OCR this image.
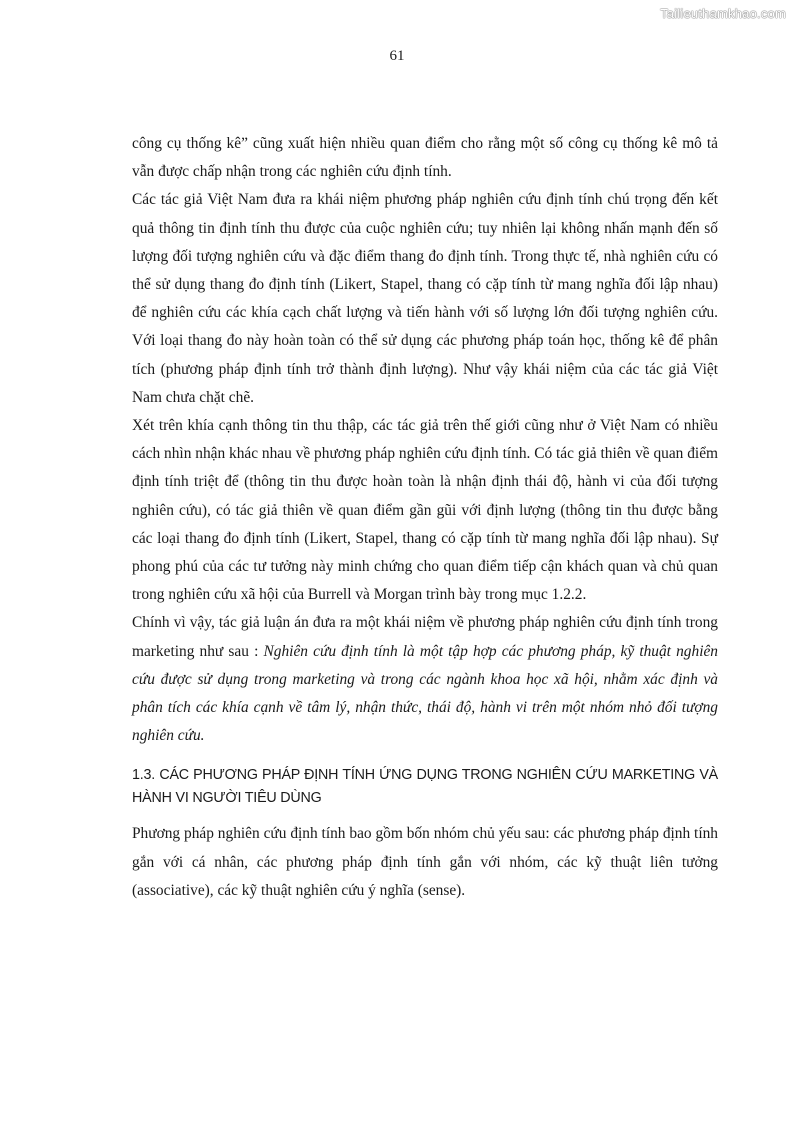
Tailieuthamkhao.com
61

công cụ thống kê” cũng xuất hiện nhiều quan điểm cho rằng một số công cụ thống kê mô tả vẫn được chấp nhận trong các nghiên cứu định tính.

Các tác giả Việt Nam đưa ra khái niệm phương pháp nghiên cứu định tính chú trọng đến kết quả thông tin định tính thu được của cuộc nghiên cứu; tuy nhiên lại không nhấn mạnh đến số lượng đối tượng nghiên cứu và đặc điểm thang đo định tính. Trong thực tế, nhà nghiên cứu có thể sử dụng thang đo định tính (Likert, Stapel, thang có cặp tính từ mang nghĩa đối lập nhau) để nghiên cứu các khía cạch chất lượng và tiến hành với số lượng lớn đối tượng nghiên cứu. Với loại thang đo này hoàn toàn có thể sử dụng các phương pháp toán học, thống kê để phân tích (phương pháp định tính trở thành định lượng). Như vậy khái niệm của các tác giả Việt Nam chưa chặt chẽ.

Xét trên khía cạnh thông tin thu thập, các tác giả trên thế giới cũng như ở Việt Nam có nhiều cách nhìn nhận khác nhau về phương pháp nghiên cứu định tính. Có tác giả thiên về quan điểm định tính triệt để (thông tin thu được hoàn toàn là nhận định thái độ, hành vi của đối tượng nghiên cứu), có tác giả thiên về quan điểm gần gũi với định lượng (thông tin thu được bằng các loại thang đo định tính (Likert, Stapel, thang có cặp tính từ mang nghĩa đối lập nhau). Sự phong phú của các tư tưởng này minh chứng cho quan điểm tiếp cận khách quan và chủ quan trong nghiên cứu xã hội của Burrell và Morgan trình bày trong mục 1.2.2.

Chính vì vậy, tác giả luận án đưa ra một khái niệm về phương pháp nghiên cứu định tính trong marketing như sau : Nghiên cứu định tính là một tập hợp các phương pháp, kỹ thuật nghiên cứu được sử dụng trong marketing và trong các ngành khoa học xã hội, nhằm xác định và phân tích các khía cạnh về tâm lý, nhận thức, thái độ, hành vi trên một nhóm nhỏ đối tượng nghiên cứu.

1.3. CÁC PHƯƠNG PHÁP ĐỊNH TÍNH ỨNG DỤNG TRONG NGHIÊN CỨU MARKETING VÀ HÀNH VI NGƯỜI TIÊU DÙNG

Phương pháp nghiên cứu định tính bao gồm bốn nhóm chủ yếu sau: các phương pháp định tính gắn với cá nhân, các phương pháp định tính gắn với nhóm, các kỹ thuật liên tưởng (associative), các kỹ thuật nghiên cứu ý nghĩa (sense).
